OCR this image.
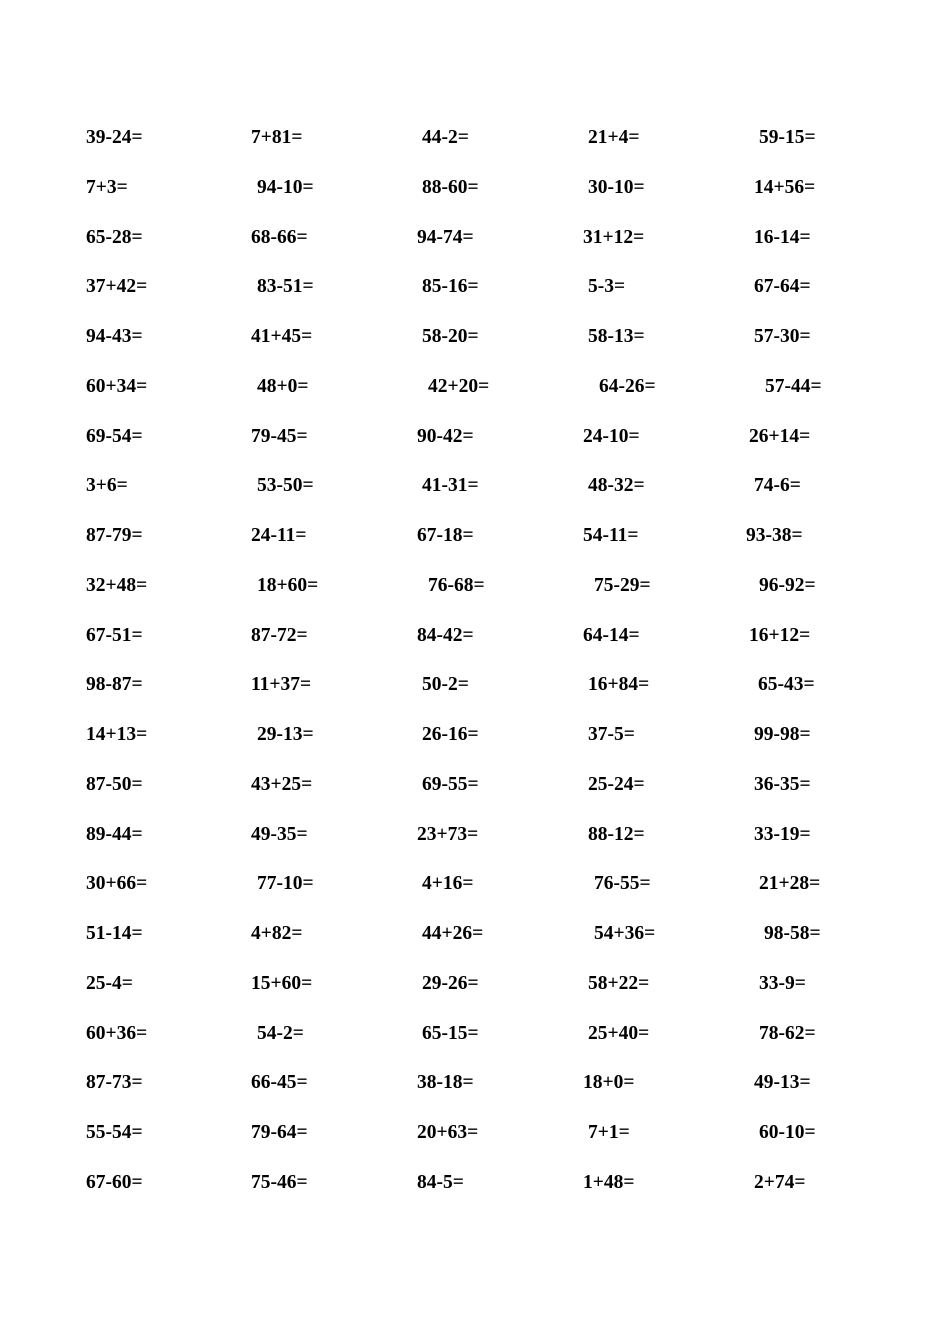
39-24=	7+81=	44-2=	21+4=	59-15=
7+3=	94-10=	88-60=	30-10=	14+56=
65-28=	68-66=	94-74=	31+12=	16-14=
37+42=	83-51=	85-16=	5-3=	67-64=
94-43=	41+45=	58-20=	58-13=	57-30=
60+34=	48+0=	42+20=	64-26=	57-44=
69-54=	79-45=	90-42=	24-10=	26+14=
3+6=	53-50=	41-31=	48-32=	74-6=
87-79=	24-11=	67-18=	54-11=	93-38=
32+48=	18+60=	76-68=	75-29=	96-92=
67-51=	87-72=	84-42=	64-14=	16+12=
98-87=	11+37=	50-2=	16+84=	65-43=
14+13=	29-13=	26-16=	37-5=	99-98=
87-50=	43+25=	69-55=	25-24=	36-35=
89-44=	49-35=	23+73=	88-12=	33-19=
30+66=	77-10=	4+16=	76-55=	21+28=
51-14=	4+82=	44+26=	54+36=	98-58=
25-4=	15+60=	29-26=	58+22=	33-9=
60+36=	54-2=	65-15=	25+40=	78-62=
87-73=	66-45=	38-18=	18+0=	49-13=
55-54=	79-64=	20+63=	7+1=	60-10=
67-60=	75-46=	84-5=	1+48=	2+74=
